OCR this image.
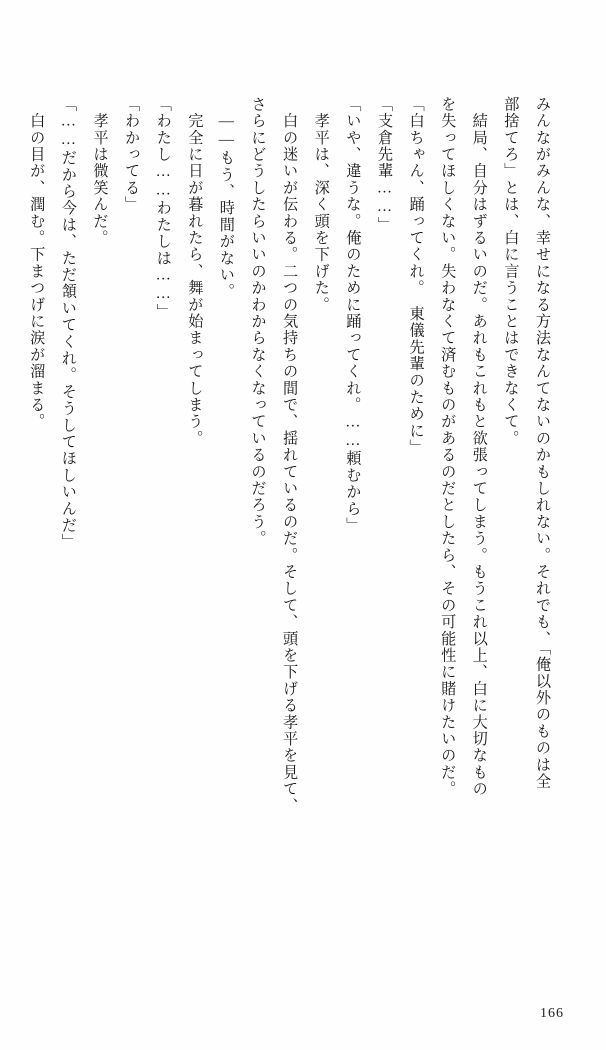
みんながみんな、幸せになる方法なんてないのかもしれない。それでも、「俺以外のものは全
部捨てろ」とは、白に言うことはできなくて。
　結局、自分はずるいのだ。あれもこれもと欲張ってしまう。もうこれ以上、白に大切なもの
を失ってほしくない。失わなくて済むものがあるのだとしたら、その可能性に賭けたいのだ。
「白ちゃん、踊ってくれ。　東儀先輩のために」
「支倉先輩……」
「いや、違うな。俺のために踊ってくれ。……頼むから」
　孝平は、深く頭を下げた。
　白の迷いが伝わる。二つの気持ちの間で、揺れているのだ。そして、頭を下げる孝平を見て、
さらにどうしたらいいのかわからなくなっているのだろう。
　――もう、時間がない。
　完全に日が暮れたら、舞が始まってしまう。
「わたし……わたしは……」
「わかってる」
　孝平は微笑んだ。
「……だから今は、ただ頷いてくれ。そうしてほしいんだ」
　白の目が、潤む。下まつげに涙が溜まる。
166
